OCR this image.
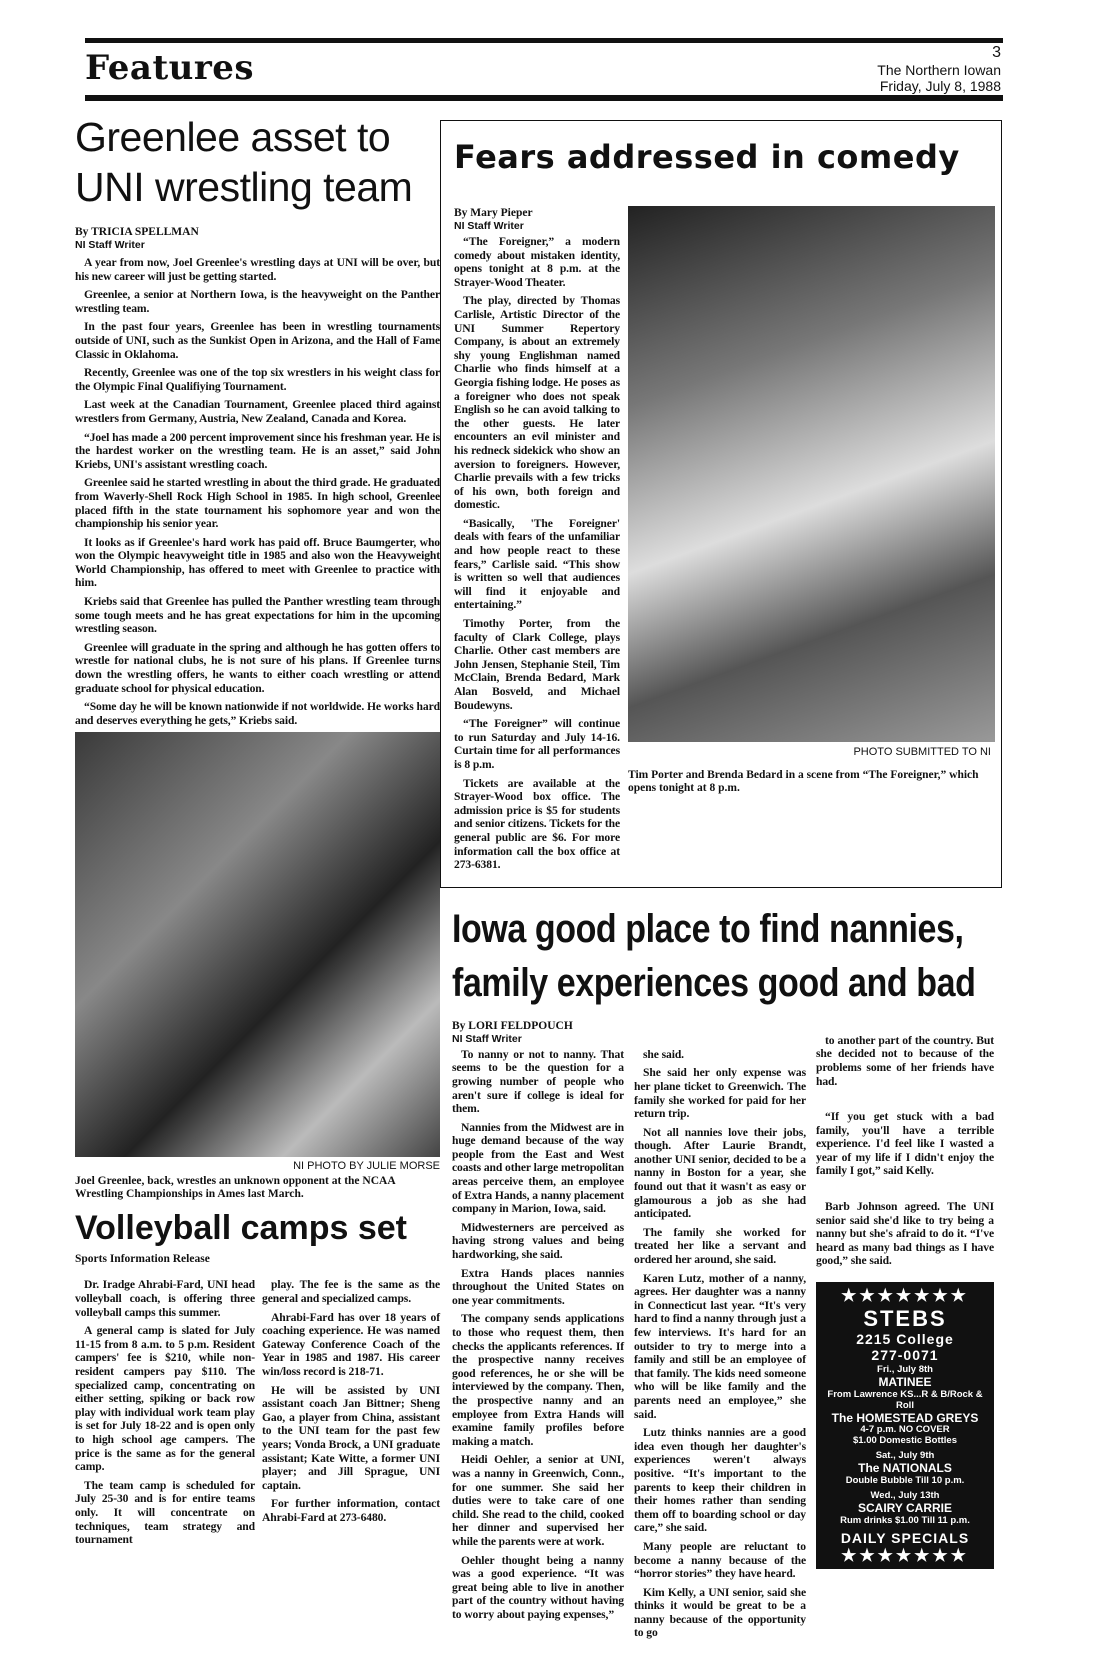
Features	3
The Northern Iowan
Friday, July 8, 1988
Greenlee asset to
UNI wrestling team
By TRICIA SPELLMAN
NI Staff Writer

A year from now, Joel Greenlee's wrestling days at UNI will be over, but his new career will just be getting started.

Greenlee, a senior at Northern Iowa, is the heavyweight on the Panther wrestling team.

In the past four years, Greenlee has been in wrestling tournaments outside of UNI, such as the Sunkist Open in Arizona, and the Hall of Fame Classic in Oklahoma.

Recently, Greenlee was one of the top six wrestlers in his weight class for the Olympic Final Qualifiying Tournament.

Last week at the Canadian Tournament, Greenlee placed third against wrestlers from Germany, Austria, New Zealand, Canada and Korea.

“Joel has made a 200 percent improvement since his freshman year. He is the hardest worker on the wrestling team. He is an asset,” said John Kriebs, UNI's assistant wrestling coach.

Greenlee said he started wrestling in about the third grade. He graduated from Waverly-Shell Rock High School in 1985. In high school, Greenlee placed fifth in the state tournament his sophomore year and won the championship his senior year.

It looks as if Greenlee's hard work has paid off. Bruce Baumgerter, who won the Olympic heavyweight title in 1985 and also won the Heavyweight World Championship, has offered to meet with Greenlee to practice with him.

Kriebs said that Greenlee has pulled the Panther wrestling team through some tough meets and he has great expectations for him in the upcoming wrestling season.

Greenlee will graduate in the spring and although he has gotten offers to wrestle for national clubs, he is not sure of his plans. If Greenlee turns down the wrestling offers, he wants to either coach wrestling or attend graduate school for physical education.

“Some day he will be known nationwide if not worldwide. He works hard and deserves everything he gets,” Kriebs said.

NI PHOTO BY JULIE MORSE
Joel Greenlee, back, wrestles an unknown opponent at the NCAA Wrestling Championships in Ames last March.
Volleyball camps set
Sports Information Release

Dr. Iradge Ahrabi-Fard, UNI head volleyball coach, is offering three volleyball camps this summer.

A general camp is slated for July 11-15 from 8 a.m. to 5 p.m. Resident campers' fee is $210, while non-resident campers pay $110. The specialized camp, concentrating on either setting, spiking or back row play with individual work team play is set for July 18-22 and is open only to high school age campers. The price is the same as for the general camp.

The team camp is scheduled for July 25-30 and is for entire teams only. It will concentrate on techniques, team strategy and tournament

play. The fee is the same as the general and specialized camps.

Ahrabi-Fard has over 18 years of coaching experience. He was named Gateway Conference Coach of the Year in 1985 and 1987. His career win/loss record is 218-71.

He will be assisted by UNI assistant coach Jan Bittner; Sheng Gao, a player from China, assistant to the UNI team for the past few years; Vonda Brock, a UNI graduate assistant; Kate Witte, a former UNI player; and Jill Sprague, UNI captain.

For further information, contact Ahrabi-Fard at 273-6480.

Fears addressed in comedy
By Mary Pieper
NI Staff Writer

“The Foreigner,” a modern comedy about mistaken identity, opens tonight at 8 p.m. at the Strayer-Wood Theater.

The play, directed by Thomas Carlisle, Artistic Director of the UNI Summer Repertory Company, is about an extremely shy young Englishman named Charlie who finds himself at a Georgia fishing lodge. He poses as a foreigner who does not speak English so he can avoid talking to the other guests. He later encounters an evil minister and his redneck sidekick who show an aversion to foreigners. However, Charlie prevails with a few tricks of his own, both foreign and domestic.

“Basically, 'The Foreigner' deals with fears of the unfamiliar and how people react to these fears,” Carlisle said. “This show is written so well that audiences will find it enjoyable and entertaining.”

Timothy Porter, from the faculty of Clark College, plays Charlie. Other cast members are John Jensen, Stephanie Steil, Tim McClain, Brenda Bedard, Mark Alan Bosveld, and Michael Boudewyns.

“The Foreigner” will continue to run Saturday and July 14-16. Curtain time for all performances is 8 p.m.

Tickets are available at the Strayer-Wood box office. The admission price is $5 for students and senior citizens. Tickets for the general public are $6. For more information call the box office at 273-6381.

PHOTO SUBMITTED TO NI
Tim Porter and Brenda Bedard in a scene from “The Foreigner,” which opens tonight at 8 p.m.
Iowa good place to find nannies,
family experiences good and bad
By LORI FELDPOUCH
NI Staff Writer

To nanny or not to nanny. That seems to be the question for a growing number of people who aren't sure if college is ideal for them.

Nannies from the Midwest are in huge demand because of the way people from the East and West coasts and other large metropolitan areas perceive them, an employee of Extra Hands, a nanny placement company in Marion, Iowa, said.

Midwesterners are perceived as having strong values and being hardworking, she said.

Extra Hands places nannies throughout the United States on one year commitments.

The company sends applications to those who request them, then checks the applicants references. If the prospective nanny receives good references, he or she will be interviewed by the company. Then, the prospective nanny and an employee from Extra Hands will examine family profiles before making a match.

Heidi Oehler, a senior at UNI, was a nanny in Greenwich, Conn., for one summer. She said her duties were to take care of one child. She read to the child, cooked her dinner and supervised her while the parents were at work.

Oehler thought being a nanny was a good experience. “It was great being able to live in another part of the country without having to worry about paying expenses,”

she said.

She said her only expense was her plane ticket to Greenwich. The family she worked for paid for her return trip.

Not all nannies love their jobs, though. After Laurie Brandt, another UNI senior, decided to be a nanny in Boston for a year, she found out that it wasn't as easy or glamourous a job as she had anticipated.

The family she worked for treated her like a servant and ordered her around, she said.

Karen Lutz, mother of a nanny, agrees. Her daughter was a nanny in Connecticut last year. “It's very hard to find a nanny through just a few interviews. It's hard for an outsider to try to merge into a family and still be an employee of that family. The kids need someone who will be like family and the parents need an employee,” she said.

Lutz thinks nannies are a good idea even though her daughter's experiences weren't always positive. “It's important to the parents to keep their children in their homes rather than sending them off to boarding school or day care,” she said.

Many people are reluctant to become a nanny because of the “horror stories” they have heard.

Kim Kelly, a UNI senior, said she thinks it would be great to be a nanny because of the opportunity to go

to another part of the country. But she decided not to because of the problems some of her friends have had.

“If you get stuck with a bad family, you'll have a terrible experience. I'd feel like I wasted a year of my life if I didn't enjoy the family I got,” said Kelly.

Barb Johnson agreed. The UNI senior said she'd like to try being a nanny but she's afraid to do it. “I've heard as many bad things as I have good,” she said.

★★★★★★★
STEBS
2215 College
277-0071
Fri., July 8th
MATINEE
From Lawrence KS...R & B/Rock & Roll
The HOMESTEAD GREYS
4-7 p.m. NO COVER
$1.00 Domestic Bottles
Sat., July 9th
The NATIONALS
Double Bubble Till 10 p.m.
Wed., July 13th
SCAIRY CARRIE
Rum drinks $1.00 Till 11 p.m.
DAILY SPECIALS
★★★★★★★
